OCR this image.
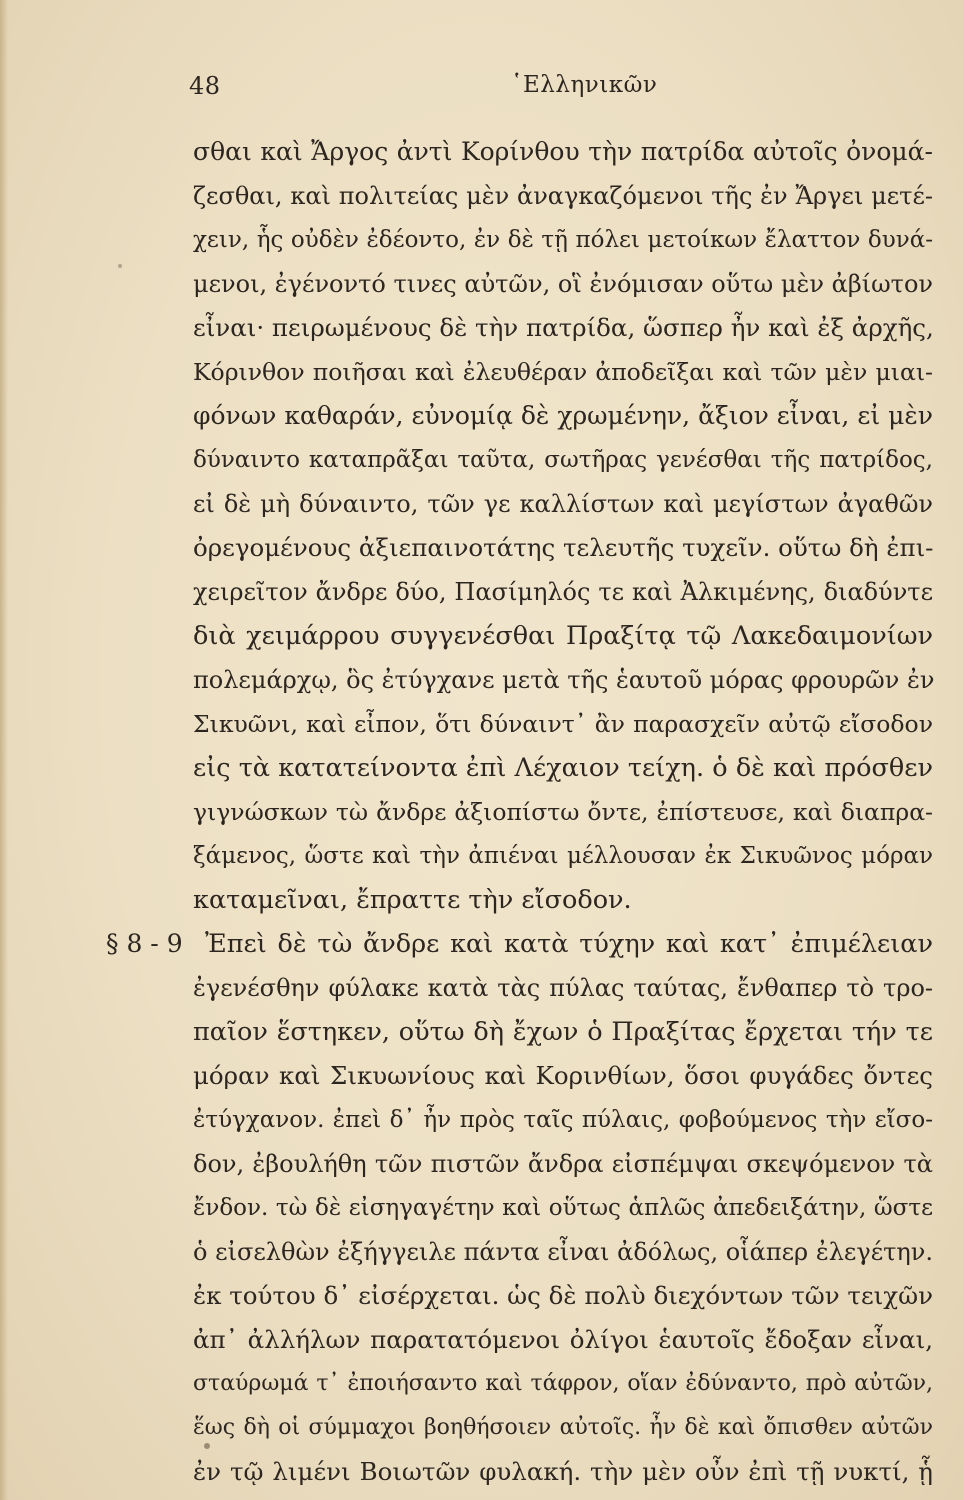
48	῾Ελληνικῶν
σθαι καὶ Ἄργος ἀντὶ Κορίνθου τὴν πατρίδα αὐτοῖς ὀνομά-
ζεσθαι, καὶ πολιτείας μὲν ἀναγκαζόμενοι τῆς ἐν Ἄργει μετέ-
χειν, ἧς οὐδὲν ἐδέοντο, ἐν δὲ τῇ πόλει μετοίκων ἔλαττον δυνά-
μενοι, ἐγένοντό τινες αὐτῶν, οἳ ἐνόμισαν οὕτω μὲν ἀβίωτον
εἶναι· πειρωμένους δὲ τὴν πατρίδα, ὥσπερ ἦν καὶ ἐξ ἀρχῆς,
Κόρινθον ποιῆσαι καὶ ἐλευθέραν ἀποδεῖξαι καὶ τῶν μὲν μιαι-
φόνων καθαράν, εὐνομίᾳ δὲ χρωμένην, ἄξιον εἶναι, εἰ μὲν
δύναιντο καταπρᾶξαι ταῦτα, σωτῆρας γενέσθαι τῆς πατρίδος,
εἰ δὲ μὴ δύναιντο, τῶν γε καλλίστων καὶ μεγίστων ἀγαθῶν
ὀρεγομένους ἀξιεπαινοτάτης τελευτῆς τυχεῖν. οὕτω δὴ ἐπι-
χειρεῖτον ἄνδρε δύο, Πασίμηλός τε καὶ Ἀλκιμένης, διαδύντε
διὰ χειμάρρου συγγενέσθαι Πραξίτᾳ τῷ Λακεδαιμονίων
πολεμάρχῳ, ὃς ἐτύγχανε μετὰ τῆς ἑαυτοῦ μόρας φρουρῶν ἐν
Σικυῶνι, καὶ εἶπον, ὅτι δύναιντ᾽ ἂν παρασχεῖν αὐτῷ εἴσοδον
εἰς τὰ κατατείνοντα ἐπὶ Λέχαιον τείχη. ὁ δὲ καὶ πρόσθεν
γιγνώσκων τὼ ἄνδρε ἀξιοπίστω ὄντε, ἐπίστευσε, καὶ διαπρα-
ξάμενος, ὥστε καὶ τὴν ἀπιέναι μέλλουσαν ἐκ Σικυῶνος μόραν
καταμεῖναι, ἔπραττε τὴν εἴσοδον.
§ 8 - 9 Ἐπεὶ δὲ τὼ ἄνδρε καὶ κατὰ τύχην καὶ κατ᾽ ἐπιμέλειαν
ἐγενέσθην φύλακε κατὰ τὰς πύλας ταύτας, ἔνθαπερ τὸ τρο-
παῖον ἕστηκεν, οὕτω δὴ ἔχων ὁ Πραξίτας ἔρχεται τήν τε
μόραν καὶ Σικυωνίους καὶ Κορινθίων, ὅσοι φυγάδες ὄντες
ἐτύγχανον. ἐπεὶ δ᾽ ἦν πρὸς ταῖς πύλαις, φοβούμενος τὴν εἴσο-
δον, ἐβουλήθη τῶν πιστῶν ἄνδρα εἰσπέμψαι σκεψόμενον τὰ
ἔνδον. τὼ δὲ εἰσηγαγέτην καὶ οὕτως ἁπλῶς ἀπεδειξάτην, ὥστε
ὁ εἰσελθὼν ἐξήγγειλε πάντα εἶναι ἀδόλως, οἷάπερ ἐλεγέτην.
ἐκ τούτου δ᾽ εἰσέρχεται. ὡς δὲ πολὺ διεχόντων τῶν τειχῶν
ἀπ᾽ ἀλλήλων παρατατόμενοι ὀλίγοι ἑαυτοῖς ἔδοξαν εἶναι,
σταύρωμά τ᾽ ἐποιήσαντο καὶ τάφρον, οἵαν ἐδύναντο, πρὸ αὐτῶν,
ἕως δὴ οἱ σύμμαχοι βοηθήσοιεν αὐτοῖς. ἦν δὲ καὶ ὄπισθεν αὐτῶν
ἐν τῷ λιμένι Βοιωτῶν φυλακή. τὴν μὲν οὖν ἐπὶ τῇ νυκτί, ᾗ
